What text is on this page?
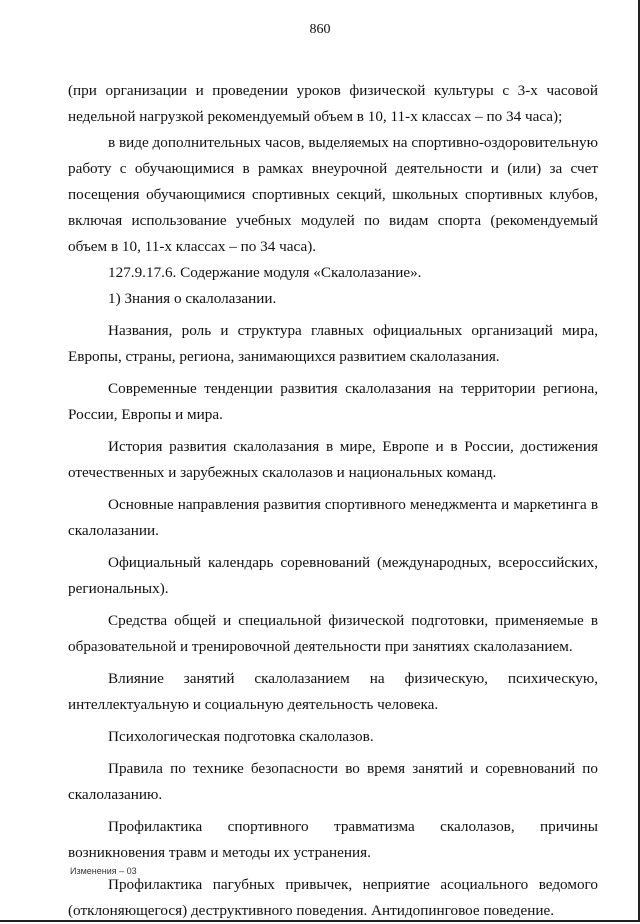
860

(при организации и проведении уроков физической культуры с 3-х часовой недельной нагрузкой рекомендуемый объем в 10, 11-х классах – по 34 часа);

в виде дополнительных часов, выделяемых на спортивно-оздоровительную работу с обучающимися в рамках внеурочной деятельности и (или) за счет посещения обучающимися спортивных секций, школьных спортивных клубов, включая использование учебных модулей по видам спорта (рекомендуемый объем в 10, 11-х классах – по 34 часа).

127.9.17.6. Содержание модуля «Скалолазание».

1) Знания о скалолазании.

Названия, роль и структура главных официальных организаций мира, Европы, страны, региона, занимающихся развитием скалолазания.

Современные тенденции развития скалолазания на территории региона, России, Европы и мира.

История развития скалолазания в мире, Европе и в России, достижения отечественных и зарубежных скалолазов и национальных команд.

Основные направления развития спортивного менеджмента и маркетинга в скалолазании.

Официальный календарь соревнований (международных, всероссийских, региональных).

Средства общей и специальной физической подготовки, применяемые в образовательной и тренировочной деятельности при занятиях скалолазанием.

Влияние занятий скалолазанием на физическую, психическую, интеллектуальную и социальную деятельность человека.

Психологическая подготовка скалолазов.

Правила по технике безопасности во время занятий и соревнований по скалолазанию.

Профилактика спортивного травматизма скалолазов, причины возникновения травм и методы их устранения.

Профилактика пагубных привычек, неприятие асоциального ведомого (отклоняющегося) деструктивного поведения. Антидопинговое поведение.

Изменения – 03
